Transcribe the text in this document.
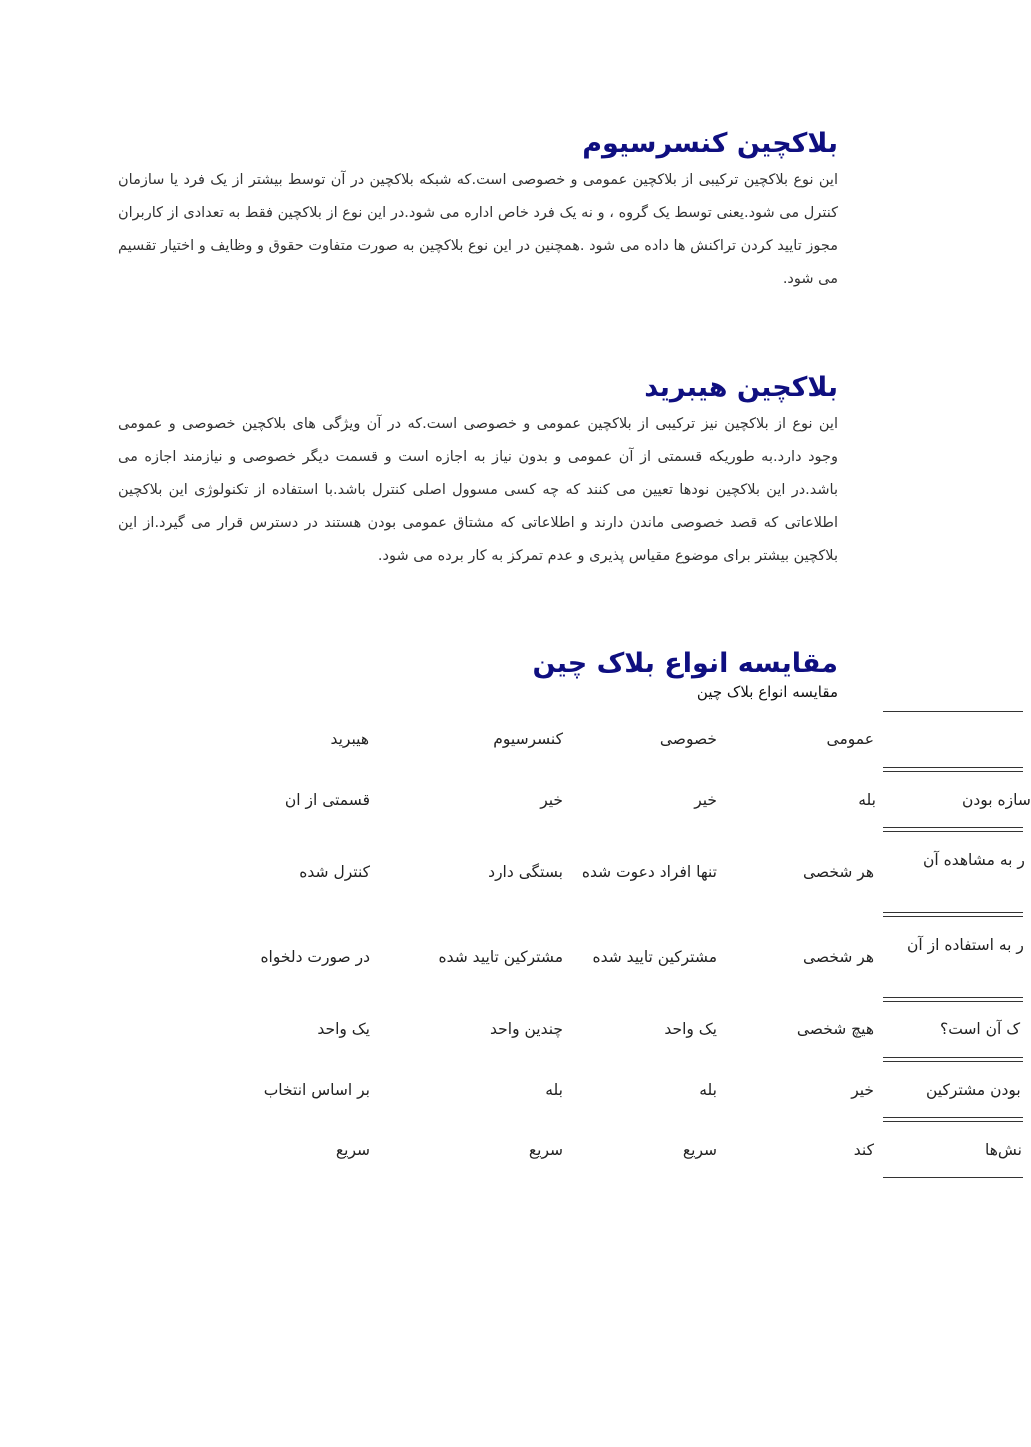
بلاکچین کنسرسیوم

این نوع بلاکچین ترکیبی از بلاکچین عمومی و خصوصی است.که شبکه بلاکچین در آن توسط بیشتر از یک فرد یا سازمان کنترل می شود.یعنی توسط یک گروه ، و نه یک فرد خاص اداره می شود.در این نوع از بلاکچین فقط به تعدادی از کاربران مجوز تایید کردن تراکنش ها داده می شود .همچنین در این نوع بلاکچین به صورت متفاوت حقوق و وظایف و اختیار تقسیم می شود.

بلاکچین هیبرید

این نوع از بلاکچین نیز ترکیبی از بلاکچین عمومی و خصوصی است.که در آن ویژگی های بلاکچین خصوصی و عمومی وجود دارد.به طوریکه قسمتی از آن عمومی و بدون نیاز به اجازه است و قسمت دیگر خصوصی و نیازمند اجازه می باشد.در این بلاکچین نودها تعیین می کنند که چه کسی مسوول اصلی کنترل باشد.با استفاده از تکنولوژی این بلاکچین اطلاعاتی که قصد خصوصی ماندن دارند و اطلاعاتی که مشتاق عمومی بودن هستند در دسترس قرار می گیرد.از این بلاکچین بیشتر برای موضوع مقیاس پذیری و عدم تمرکز به کار برده می شود.

مقایسه انواع بلاک چین

مقایسه انواع بلاک چین

عمومی
خصوصی
کنسرسیوم
هیبرید
ساز‌ه بودن
بله
خیر
خیر
قسمتی از ان
ر به مشاهده آن
هر شخصی
تنها افراد دعوت شده
بستگی دارد
کنترل شده
ر به استفاده از آن
هر شخصی
مشترکین تایید شده
مشترکین تایید شده
در صورت دلخواه
ک آن است؟
هیچ شخصی
یک واحد
چندین واحد
یک واحد
بودن مشترکین
خیر
بله
بله
بر اساس انتخاب
نش‌ها
کند
سریع
سریع
سریع
